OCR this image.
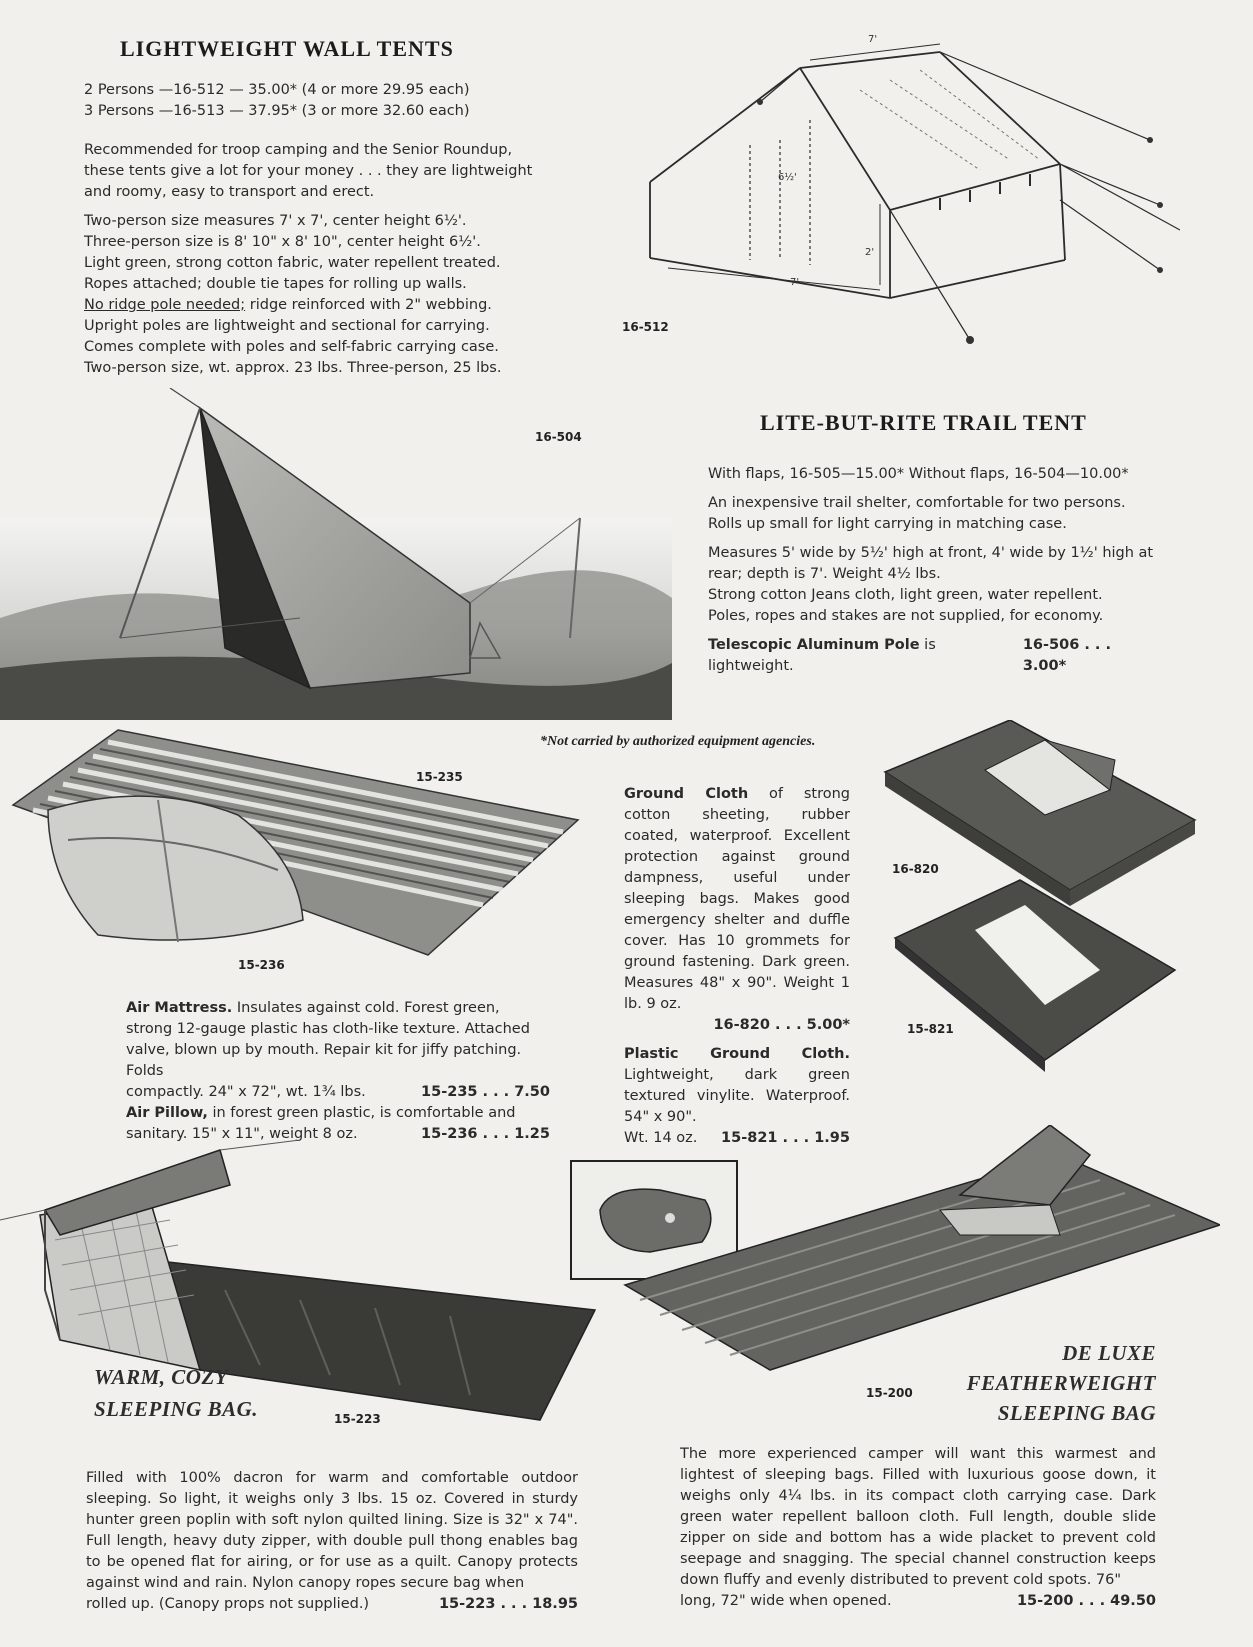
LIGHTWEIGHT WALL TENTS

2 Persons —16-512 — 35.00* (4 or more 29.95 each)

3 Persons —16-513 — 37.95* (3 or more 32.60 each)

Recommended for troop camping and the Senior Roundup, these tents give a lot for your money . . . they are lightweight and roomy, easy to transport and erect.

Two-person size measures 7' x 7', center height 6½'.

Three-person size is 8' 10" x 8' 10", center height 6½'.

Light green, strong cotton fabric, water repellent treated.

Ropes attached; double tie tapes for rolling up walls.

No ridge pole needed; ridge reinforced with 2" webbing.

Upright poles are lightweight and sectional for carrying.

Comes complete with poles and self-fabric carrying case.

Two-person size, wt. approx. 23 lbs. Three-person, 25 lbs.

7'
7'
6½'
2'
16-512
16-504
LITE-BUT-RITE TRAIL TENT

With flaps, 16-505—15.00* Without flaps, 16-504—10.00*

An inexpensive trail shelter, comfortable for two persons. Rolls up small for light carrying in matching case.

Measures 5' wide by 5½' high at front, 4' wide by 1½' high at rear; depth is 7'. Weight 4½ lbs.

Strong cotton Jeans cloth, light green, water repellent.

Poles, ropes and stakes are not supplied, for economy.

Telescopic Aluminum Pole is lightweight.
16-506 . . . 3.00*
*Not carried by authorized equipment agencies.
15-235
15-236

Air Mattress. Insulates against cold. Forest green, strong 12-gauge plastic has cloth-like texture. Attached valve, blown up by mouth. Repair kit for jiffy patching. Folds

compactly. 24" x 72", wt. 1¾ lbs.	15-235 . . . 7.50

Air Pillow, in forest green plastic, is comfortable and

sanitary. 15" x 11", weight 8 oz.	15-236 . . . 1.25

Ground Cloth of strong cotton sheeting, rubber coated, waterproof. Excellent protection against ground dampness, useful under sleeping bags. Makes good emergency shelter and duffle cover. Has 10 grommets for ground fastening. Dark green. Measures 48" x 90". Weight 1 lb. 9 oz.

16-820 . . . 5.00*

Plastic Ground Cloth. Lightweight, dark green textured vinylite. Waterproof. 54" x 90".

Wt. 14 oz. 15-821 . . . 1.95
16-820
15-821
WARM, COZY
SLEEPING BAG.	15-223

Filled with 100% dacron for warm and comfortable outdoor sleeping. So light, it weighs only 3 lbs. 15 oz. Covered in sturdy hunter green poplin with soft nylon quilted lining. Size is 32" x 74". Full length, heavy duty zipper, with double pull thong enables bag to be opened flat for airing, or for use as a quilt. Canopy protects against wind and rain. Nylon canopy ropes secure bag when

rolled up. (Canopy props not supplied.)	15-223 . . . 18.95
15-200
DE LUXE
FEATHERWEIGHT
SLEEPING BAG

The more experienced camper will want this warmest and lightest of sleeping bags. Filled with luxurious goose down, it weighs only 4¼ lbs. in its compact cloth carrying case. Dark green water repellent balloon cloth. Full length, double slide zipper on side and bottom has a wide placket to prevent cold seepage and snagging. The special channel construction keeps down fluffy and evenly distributed to prevent cold spots. 76"

long, 72" wide when opened.	15-200 . . . 49.50
